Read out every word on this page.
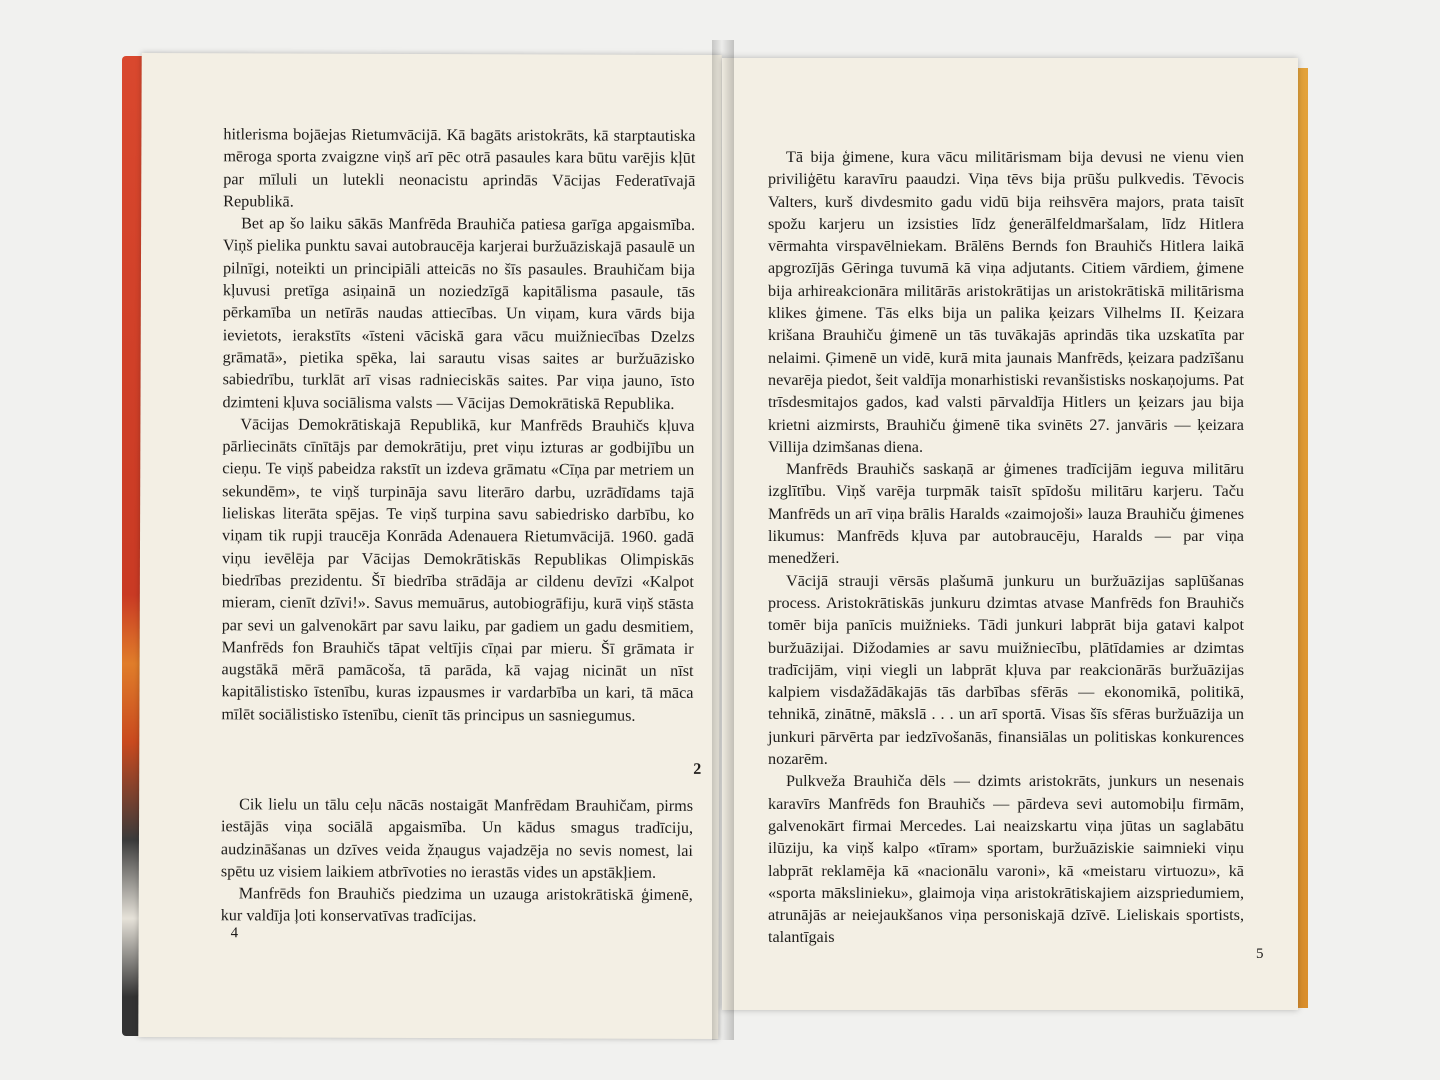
hitlerisma bojāejas Rietumvācijā. Kā bagāts aristokrāts, kā starptautiska mēroga sporta zvaigzne viņš arī pēc otrā pasaules kara būtu varējis kļūt par mīluli un lutekli neonacistu aprindās Vācijas Federatīvajā Republikā.

Bet ap šo laiku sākās Manfrēda Brauhiča patiesa garīga apgaismība. Viņš pielika punktu savai autobraucēja karjerai buržuāziskajā pasaulē un pilnīgi, noteikti un principiāli atteicās no šīs pasaules. Brauhičam bija kļuvusi pretīga asiņainā un noziedzīgā kapitālisma pasaule, tās pērkamība un netīrās naudas attiecības. Un viņam, kura vārds bija ievietots, ierakstīts «īsteni vāciskā gara vācu muižniecības Dzelzs grāmatā», pietika spēka, lai sarautu visas saites ar buržuāzisko sabiedrību, turklāt arī visas radnieciskās saites. Par viņa jauno, īsto dzimteni kļuva sociālisma valsts — Vācijas Demokrātiskā Republika.

Vācijas Demokrātiskajā Republikā, kur Manfrēds Brauhičs kļuva pārliecināts cīnītājs par demokrātiju, pret viņu izturas ar godbijību un cieņu. Te viņš pabeidza rakstīt un izdeva grāmatu «Cīņa par metriem un sekundēm», te viņš turpināja savu literāro darbu, uzrādīdams tajā lieliskas literāta spējas. Te viņš turpina savu sabiedrisko darbību, ko viņam tik rupji traucēja Konrāda Adenauera Rietumvācijā. 1960. gadā viņu ievēlēja par Vācijas Demokrātiskās Republikas Olimpiskās biedrības prezidentu. Šī biedrība strādāja ar cildenu devīzi «Kalpot mieram, cienīt dzīvi!». Savus memuārus, autobiogrāfiju, kurā viņš stāsta par sevi un galvenokārt par savu laiku, par gadiem un gadu desmitiem, Manfrēds fon Brauhičs tāpat veltījis cīņai par mieru. Šī grāmata ir augstākā mērā pamācoša, tā parāda, kā vajag nicināt un nīst kapitālistisko īstenību, kuras izpausmes ir vardarbība un kari, tā māca mīlēt sociālistisko īstenību, cienīt tās principus un sasniegumus.

2

Cik lielu un tālu ceļu nācās nostaigāt Manfrēdam Brauhičam, pirms iestājās viņa sociālā apgaismība. Un kādus smagus tradīciju, audzināšanas un dzīves veida žņaugus vajadzēja no sevis nomest, lai spētu uz visiem laikiem atbrīvoties no ierastās vides un apstākļiem.

Manfrēds fon Brauhičs piedzima un uzauga aristokrātiskā ģimenē, kur valdīja ļoti konservatīvas tradīcijas.

4

Tā bija ģimene, kura vācu militārismam bija devusi ne vienu vien priviliģētu karavīru paaudzi. Viņa tēvs bija prūšu pulkvedis. Tēvocis Valters, kurš divdesmito gadu vidū bija reihsvēra majors, prata taisīt spožu karjeru un izsisties līdz ģenerālfeldmaršalam, līdz Hitlera vērmahta virspavēlniekam. Brālēns Bernds fon Brauhičs Hitlera laikā apgrozījās Gēringa tuvumā kā viņa adjutants. Citiem vārdiem, ģimene bija arhireakcionāra militārās aristokrātijas un aristokrātiskā militārisma klikes ģimene. Tās elks bija un palika ķeizars Vilhelms II. Ķeizara krišana Brauhiču ģimenē un tās tuvākajās aprindās tika uzskatīta par nelaimi. Ģimenē un vidē, kurā mita jaunais Manfrēds, ķeizara padzīšanu nevarēja piedot, šeit valdīja monarhistiski revanšistisks noskaņojums. Pat trīsdesmitajos gados, kad valsti pārvaldīja Hitlers un ķeizars jau bija krietni aizmirsts, Brauhiču ģimenē tika svinēts 27. janvāris — ķeizara Villija dzimšanas diena.

Manfrēds Brauhičs saskaņā ar ģimenes tradīcijām ieguva militāru izglītību. Viņš varēja turpmāk taisīt spīdošu militāru karjeru. Taču Manfrēds un arī viņa brālis Haralds «zaimojoši» lauza Brauhiču ģimenes likumus: Manfrēds kļuva par autobraucēju, Haralds — par viņa menedžeri.

Vācijā strauji vērsās plašumā junkuru un buržuāzijas saplūšanas process. Aristokrātiskās junkuru dzimtas atvase Manfrēds fon Brauhičs tomēr bija panīcis muižnieks. Tādi junkuri labprāt bija gatavi kalpot buržuāzijai. Dižodamies ar savu muižniecību, plātīdamies ar dzimtas tradīcijām, viņi viegli un labprāt kļuva par reakcionārās buržuāzijas kalpiem visdažādākajās tās darbības sfērās — ekonomikā, politikā, tehnikā, zinātnē, mākslā . . . un arī sportā. Visas šīs sfēras buržuāzija un junkuri pārvērta par iedzīvošanās, finansiālas un politiskas konkurences nozarēm.

Pulkveža Brauhiča dēls — dzimts aristokrāts, junkurs un nesenais karavīrs Manfrēds fon Brauhičs — pārdeva sevi automobiļu firmām, galvenokārt firmai Mercedes. Lai neaizskartu viņa jūtas un saglabātu ilūziju, ka viņš kalpo «tīram» sportam, buržuāziskie saimnieki viņu labprāt reklamēja kā «nacionālu varoni», kā «meistaru virtuozu», kā «sporta mākslinieku», glaimoja viņa aristokrātiskajiem aizspriedumiem, atrunājās ar neiejaukšanos viņa personiskajā dzīvē. Lieliskais sportists, talantīgais

5
